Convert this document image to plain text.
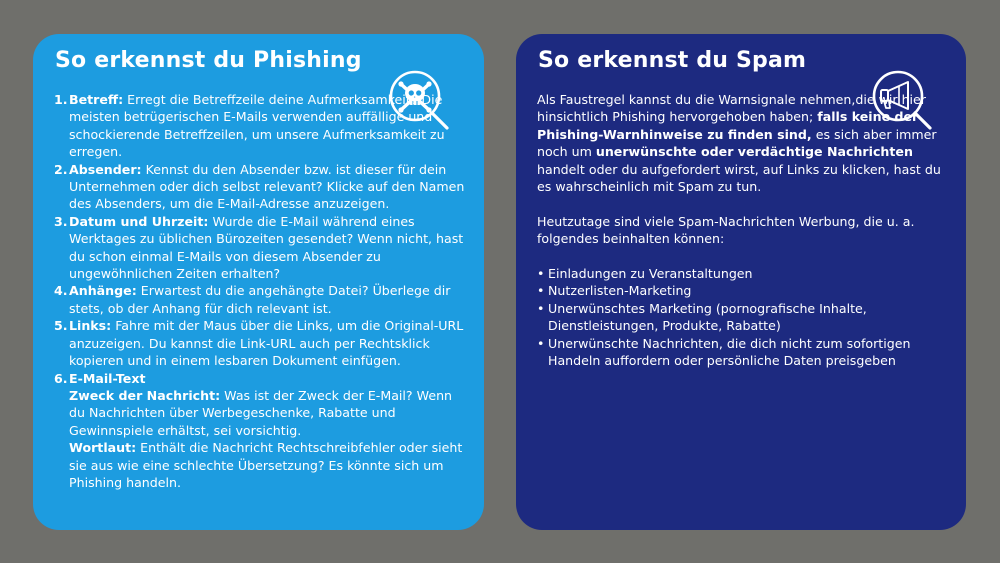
So erkennst du Phishing
1. Betreff: Erregt die Betreffzeile deine Aufmerksamkeit? Die meisten betrügerischen E-Mails verwenden auffällige und schockierende Betreffzeilen, um unsere Aufmerksamkeit zu erregen.
2. Absender: Kennst du den Absender bzw. ist dieser für dein Unternehmen oder dich selbst relevant? Klicke auf den Namen des Absenders, um die E-Mail-Adresse anzuzeigen.
3. Datum und Uhrzeit: Wurde die E-Mail während eines Werktages zu üblichen Bürozeiten gesendet? Wenn nicht, hast du schon einmal E-Mails von diesem Absender zu ungewöhnlichen Zeiten erhalten?
4. Anhänge: Erwartest du die angehängte Datei? Überlege dir stets, ob der Anhang für dich relevant ist.
5. Links: Fahre mit der Maus über die Links, um die Original-URL anzuzeigen. Du kannst die Link-URL auch per Rechtsklick kopieren und in einem lesbaren Dokument einfügen.
6. E-Mail-Text
Zweck der Nachricht: Was ist der Zweck der E-Mail? Wenn du Nachrichten über Werbegeschenke, Rabatte und Gewinnspiele erhältst, sei vorsichtig.
Wortlaut: Enthält die Nachricht Rechtschreibfehler oder sieht sie aus wie eine schlechte Übersetzung? Es könnte sich um Phishing handeln.
So erkennst du Spam

Als Faustregel kannst du die Warnsignale nehmen,die wir hier hinsichtlich Phishing hervorgehoben haben; falls keine der Phishing-Warnhinweise zu finden sind, es sich aber immer noch um unerwünschte oder verdächtige Nachrichten handelt oder du aufgefordert wirst, auf Links zu klicken, hast du es wahrscheinlich mit Spam zu tun.

Heutzutage sind viele Spam-Nachrichten Werbung, die u. a. folgendes beinhalten können:

• Einladungen zu Veranstaltungen
• Nutzerlisten-Marketing
• Unerwünschtes Marketing (pornografische Inhalte, Dienstleistungen, Produkte, Rabatte)
• Unerwünschte Nachrichten, die dich nicht zum sofortigen Handeln auffordern oder persönliche Daten preisgeben
